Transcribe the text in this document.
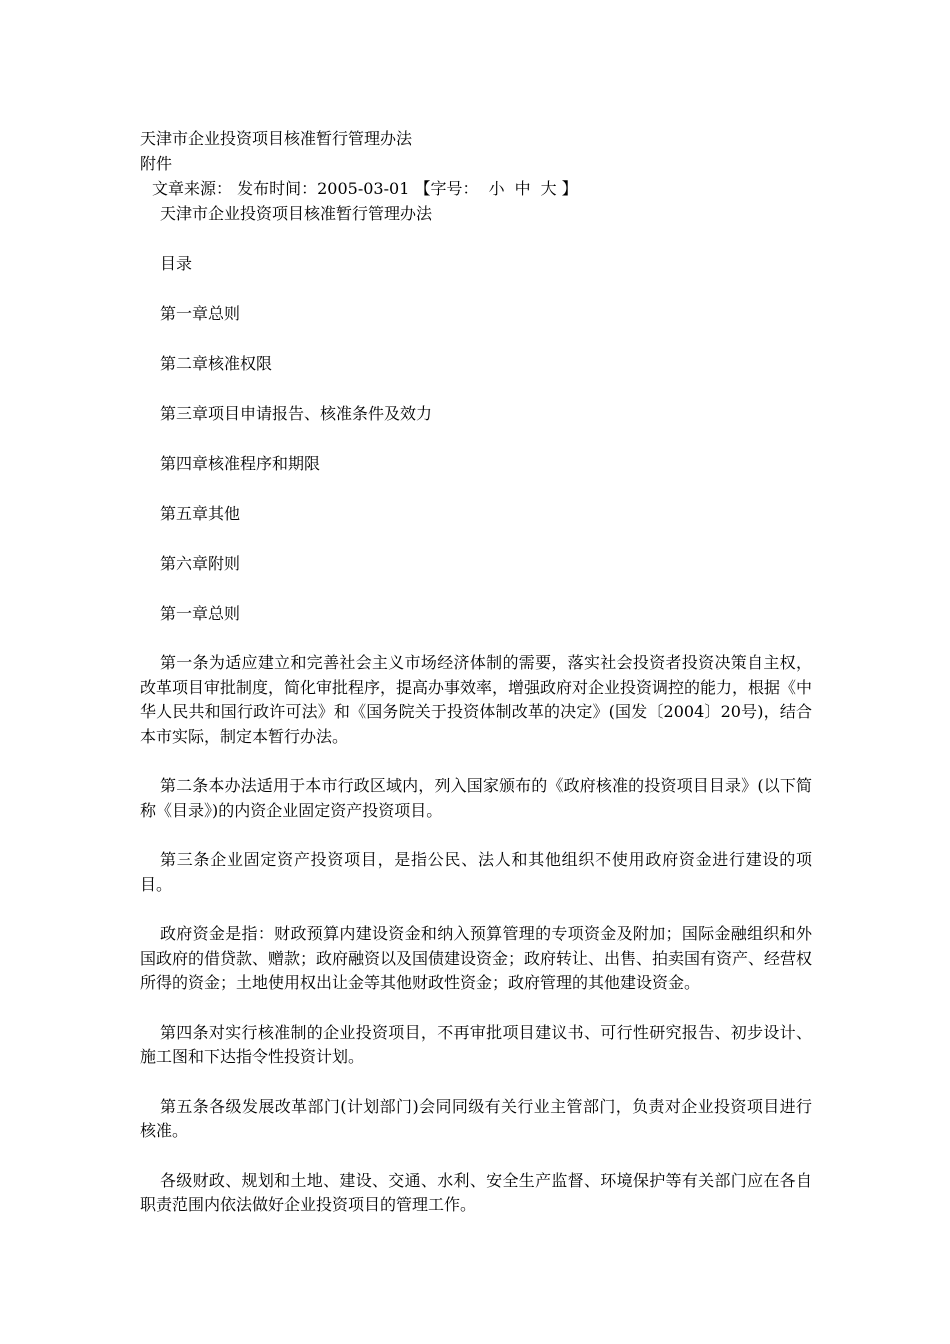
天津市企业投资项目核准暂行管理办法
附件
文章来源： 发布时间：2005-03-01 【字号： 小 中 大 】
天津市企业投资项目核准暂行管理办法
目录
第一章总则
第二章核准权限
第三章项目申请报告、核准条件及效力
第四章核准程序和期限
第五章其他
第六章附则
第一章总则

第一条为适应建立和完善社会主义市场经济体制的需要，落实社会投资者投资决策自主权，改革项目审批制度，简化审批程序，提高办事效率，增强政府对企业投资调控的能力，根据《中华人民共和国行政许可法》和《国务院关于投资体制改革的决定》(国发〔2004〕20号)，结合本市实际，制定本暂行办法。

第二条本办法适用于本市行政区域内，列入国家颁布的《政府核准的投资项目目录》(以下简称《目录》)的内资企业固定资产投资项目。

第三条企业固定资产投资项目，是指公民、法人和其他组织不使用政府资金进行建设的项目。

政府资金是指：财政预算内建设资金和纳入预算管理的专项资金及附加；国际金融组织和外国政府的借贷款、赠款；政府融资以及国债建设资金；政府转让、出售、拍卖国有资产、经营权所得的资金；土地使用权出让金等其他财政性资金；政府管理的其他建设资金。

第四条对实行核准制的企业投资项目，不再审批项目建议书、可行性研究报告、初步设计、施工图和下达指令性投资计划。

第五条各级发展改革部门(计划部门)会同同级有关行业主管部门，负责对企业投资项目进行核准。

各级财政、规划和土地、建设、交通、水利、安全生产监督、环境保护等有关部门应在各自职责范围内依法做好企业投资项目的管理工作。
